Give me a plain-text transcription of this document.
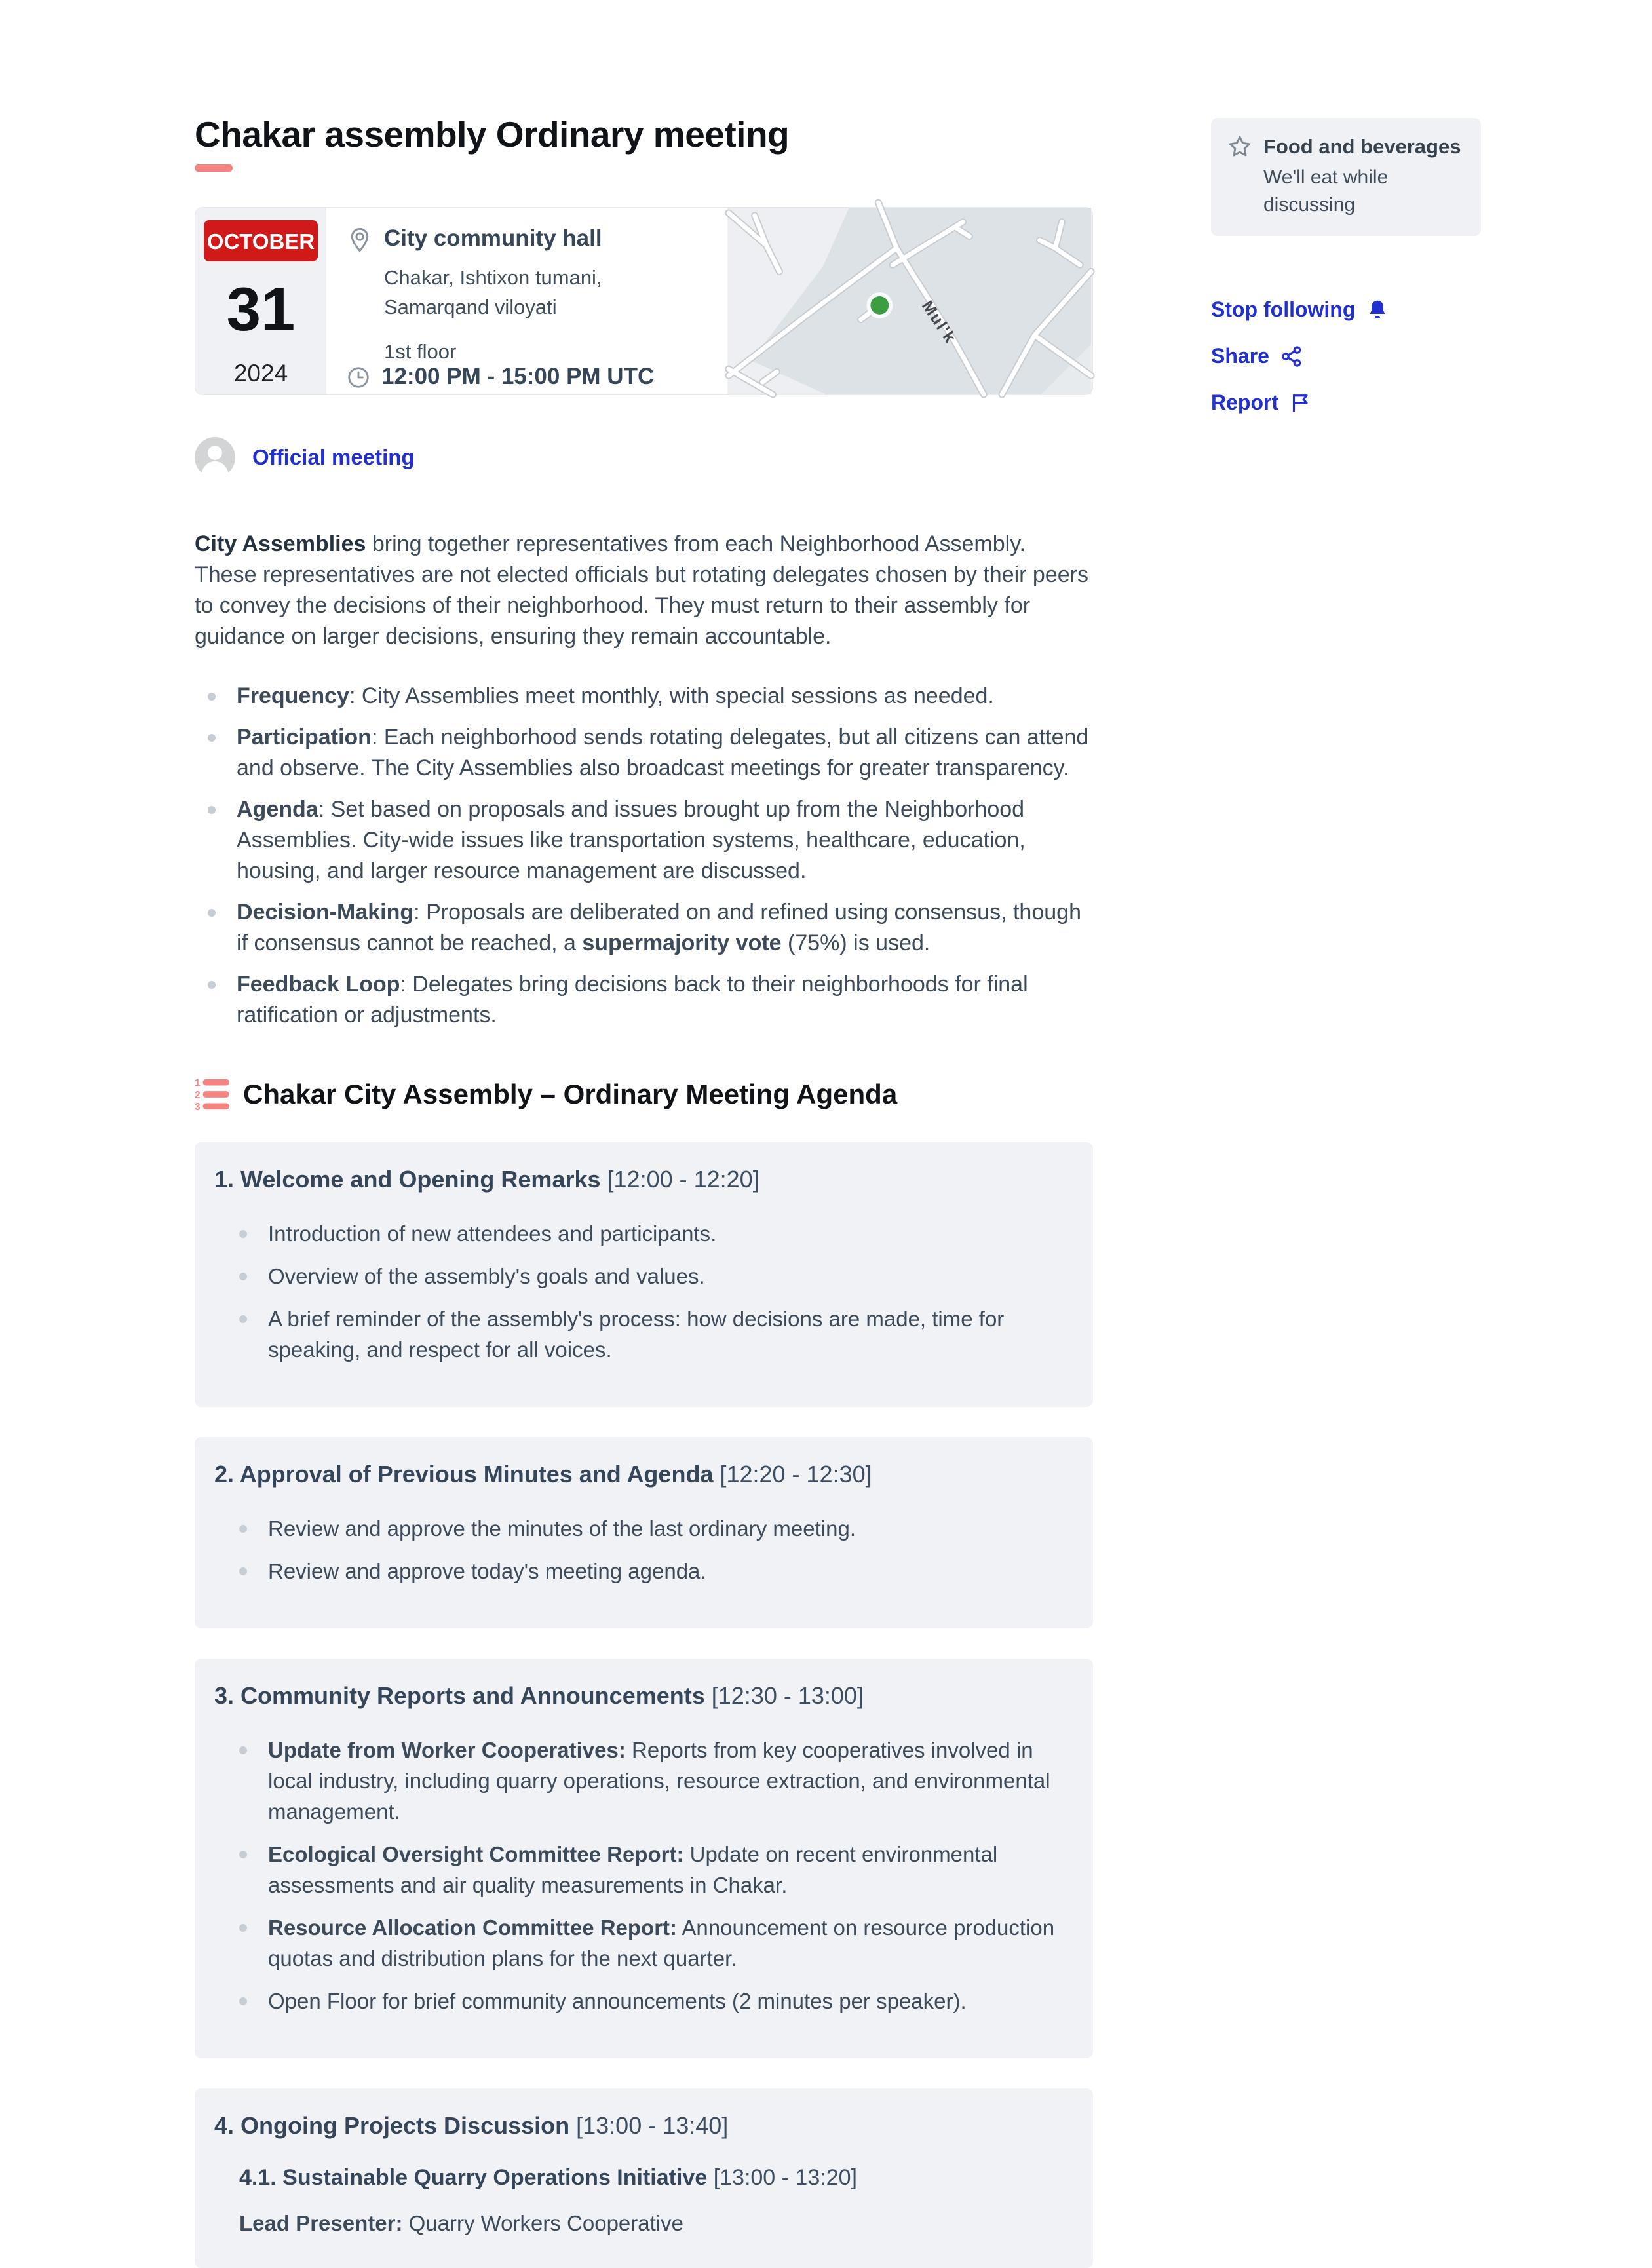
Chakar assembly Ordinary meeting
OCTOBER
31
2024
City community hall
Chakar, Ishtixon tumani, Samarqand viloyati
1st floor
12:00 PM - 15:00 PM UTC
Mul'k
Official meeting

City Assemblies bring together representatives from each Neighborhood Assembly. These representatives are not elected officials but rotating delegates chosen by their peers to convey the decisions of their neighborhood. They must return to their assembly for guidance on larger decisions, ensuring they remain accountable.

Frequency: City Assemblies meet monthly, with special sessions as needed.
Participation: Each neighborhood sends rotating delegates, but all citizens can attend and observe. The City Assemblies also broadcast meetings for greater transparency.
Agenda: Set based on proposals and issues brought up from the Neighborhood Assemblies. City-wide issues like transportation systems, healthcare, education, housing, and larger resource management are discussed.
Decision-Making: Proposals are deliberated on and refined using consensus, though if consensus cannot be reached, a supermajority vote (75%) is used.
Feedback Loop: Delegates bring decisions back to their neighborhoods for final ratification or adjustments.
1
2
3 Chakar City Assembly – Ordinary Meeting Agenda
1. Welcome and Opening Remarks [12:00 - 12:20]
Introduction of new attendees and participants.
Overview of the assembly's goals and values.
A brief reminder of the assembly's process: how decisions are made, time for speaking, and respect for all voices.
2. Approval of Previous Minutes and Agenda [12:20 - 12:30]
Review and approve the minutes of the last ordinary meeting.
Review and approve today's meeting agenda.
3. Community Reports and Announcements [12:30 - 13:00]
Update from Worker Cooperatives: Reports from key cooperatives involved in local industry, including quarry operations, resource extraction, and environmental management.
Ecological Oversight Committee Report: Update on recent environmental assessments and air quality measurements in Chakar.
Resource Allocation Committee Report: Announcement on resource production quotas and distribution plans for the next quarter.
Open Floor for brief community announcements (2 minutes per speaker).
4. Ongoing Projects Discussion [13:00 - 13:40]
4.1. Sustainable Quarry Operations Initiative [13:00 - 13:20]

Lead Presenter: Quarry Workers Cooperative

Food and beverages
We'll eat while discussing
Stop following
Share
Report
